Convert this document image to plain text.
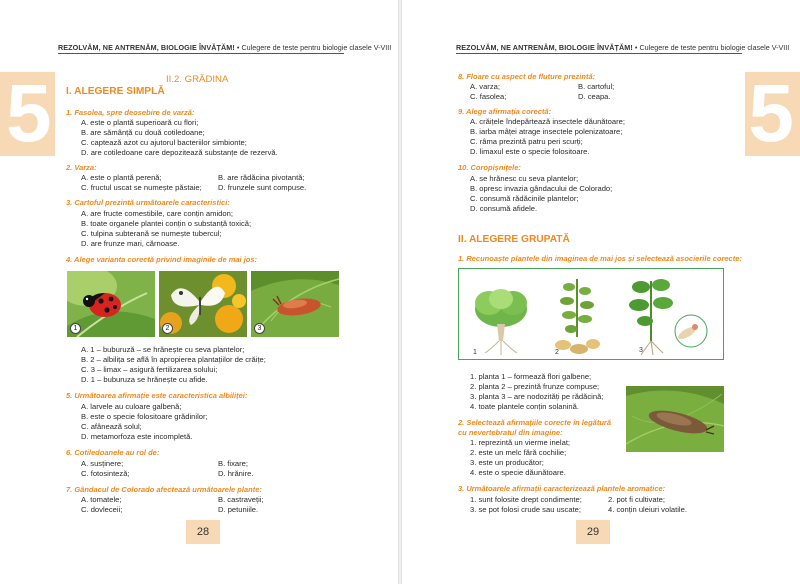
REZOLVĂM, NE ANTRENĂM, BIOLOGIE ÎNVĂȚĂM! • Culegere de teste pentru biologie clasele V-VIII
5
REZOLVĂM, NE ANTRENĂM, BIOLOGIE ÎNVĂȚĂM! • Culegere de teste pentru biologie clasele V-VIII
5
II.2. GRĂDINA
I. ALEGERE SIMPLĂ
1. Fasolea, spre deosebire de varză:
A. este o plantă superioară cu flori;
B. are sămânță cu două cotiledoane;
C. captează azot cu ajutorul bacteriilor simbionte;
D. are cotiledoane care depozitează substanțe de rezervă.
2. Varza:
A. este o plantă perenă;	B. are rădăcina pivotantă;
C. fructul uscat se numește păstaie; D. frunzele sunt compuse.
3. Cartoful prezintă următoarele caracteristici:
A. are fructe comestibile, care conțin amidon;
B. toate organele plantei conțin o substanță toxică;
C. tulpina subterană se numește tubercul;
D. are frunze mari, cărnoase.
4. Alege varianta corectă privind imaginile de mai jos:
1	2	3
A. 1 – buburuză – se hrănește cu seva plantelor;
B. 2 – albilița se află în apropierea plantațiilor de crăițe;
C. 3 – limax – asigură fertilizarea solului;
D. 1 – buburuza se hrănește cu afide.
5. Următoarea afirmație este caracteristica albiliței:
A. larvele au culoare galbenă;
B. este o specie folositoare grădinilor;
C. afânează solul;
D. metamorfoza este incompletă.
6. Cotiledoanele au rol de:
A. susținere;	B. fixare;
C. fotosinteză;	D. hrănire.
7. Gândacul de Colorado afectează următoarele plante:
A. tomatele;	B. castraveții;
C. dovleceii;	D. petuniile.
28
8. Floare cu aspect de fluture prezintă:
A. varza;	B. cartoful;
C. fasolea;	D. ceapa.
9. Alege afirmația corectă:
A. crăițele îndepărtează insectele dăunătoare;
B. iarba mâței atrage insectele polenizatoare;
C. râma prezintă patru peri scurți;
D. limaxul este o specie folositoare.
10. Coropișnițele:
A. se hrănesc cu seva plantelor;
B. opresc invazia gândacului de Colorado;
C. consumă rădăcinile plantelor;
D. consumă afidele.
II. ALEGERE GRUPATĂ
1. Recunoaște plantele din imaginea de mai jos și selectează asocierile corecte:
1	2	3
1. planta 1 – formează flori galbene;
2. planta 2 – prezintă frunze compuse;
3. planta 3 – are nodozități pe rădăcină;
4. toate plantele conțin solanină.
2. Selectează afirmațiile corecte în legătură
cu nevertebratul din imagine:
1. reprezintă un vierme inelat;
2. este un melc fără cochilie;
3. este un producător;
4. este o specie dăunătoare.
3. Următoarele afirmații caracterizează plantele aromatice:
1. sunt folosite drept condimente;	2. pot fi cultivate;
3. se pot folosi crude sau uscate;	4. conțin uleiuri volatile.
29
